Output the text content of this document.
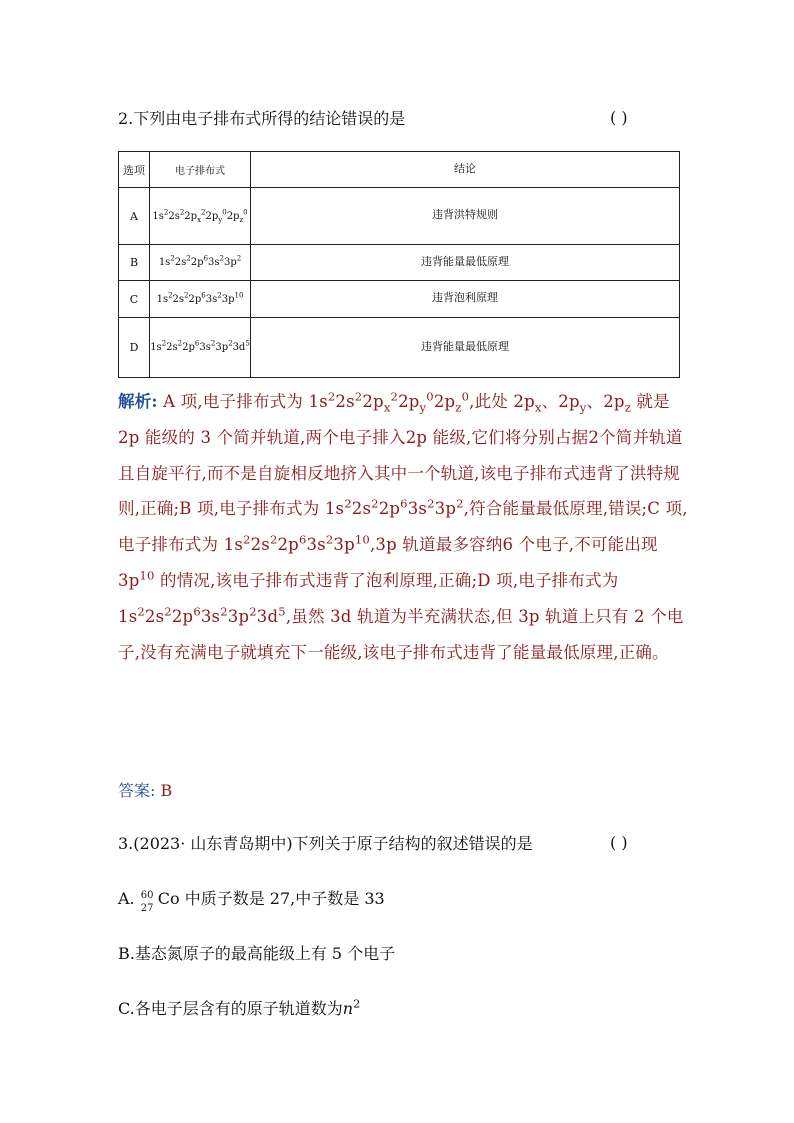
2.下列由电子排布式所得的结论错误的是	( )
选项	电子排布式	结论

A	$1s^22s^22p_x^22p_y^02p_z^0$	违背洪特规则

B	$1s^22s^22p^63s^23p^2$	违背能量最低原理

C	$1s^22s^22p^63s^23p^{10}$	违背泡利原理

D	$1s^22s^22p^63s^23p^23d^5$	违背能量最低原理
解析: A 项,电子排布式为 $1s^22s^22p_x^22p_y^02p_z^0$,此处 $2p_x$、$2p_y$、$2p_z$ 就是 2p 能级的 3 个简并轨道,两个电子排入2p 能级,它们将分别占据2个简并轨道且自旋平行,而不是自旋相反地挤入其中一个轨道,该电子排布式违背了洪特规则,正确;B 项,电子排布式为 $1s^22s^22p^63s^23p^2$,符合能量最低原理,错误;C 项,电子排布式为 $1s^22s^22p^63s^23p^{10},3p$ 轨道最多容纳6 个电子,不可能出现$3p^{10}$ 的情况,该电子排布式违背了泡利原理,正确;D 项,电子排布式为 $1s^22s^22p^63s^23p^23d^5$,虽然 3d 轨道为半充满状态,但 3p 轨道上只有 2 个电子,没有充满电子就填充下一能级,该电子排布式违背了能量最低原理,正确。
答案: B
3.(2023· 山东青岛期中)下列关于原子结构的叙述错误的是	( )
A. 60
27
Co 中质子数是 27,中子数是 33
B.基态氮原子的最高能级上有 5 个电子
C.各电子层含有的原子轨道数为$n^2$
